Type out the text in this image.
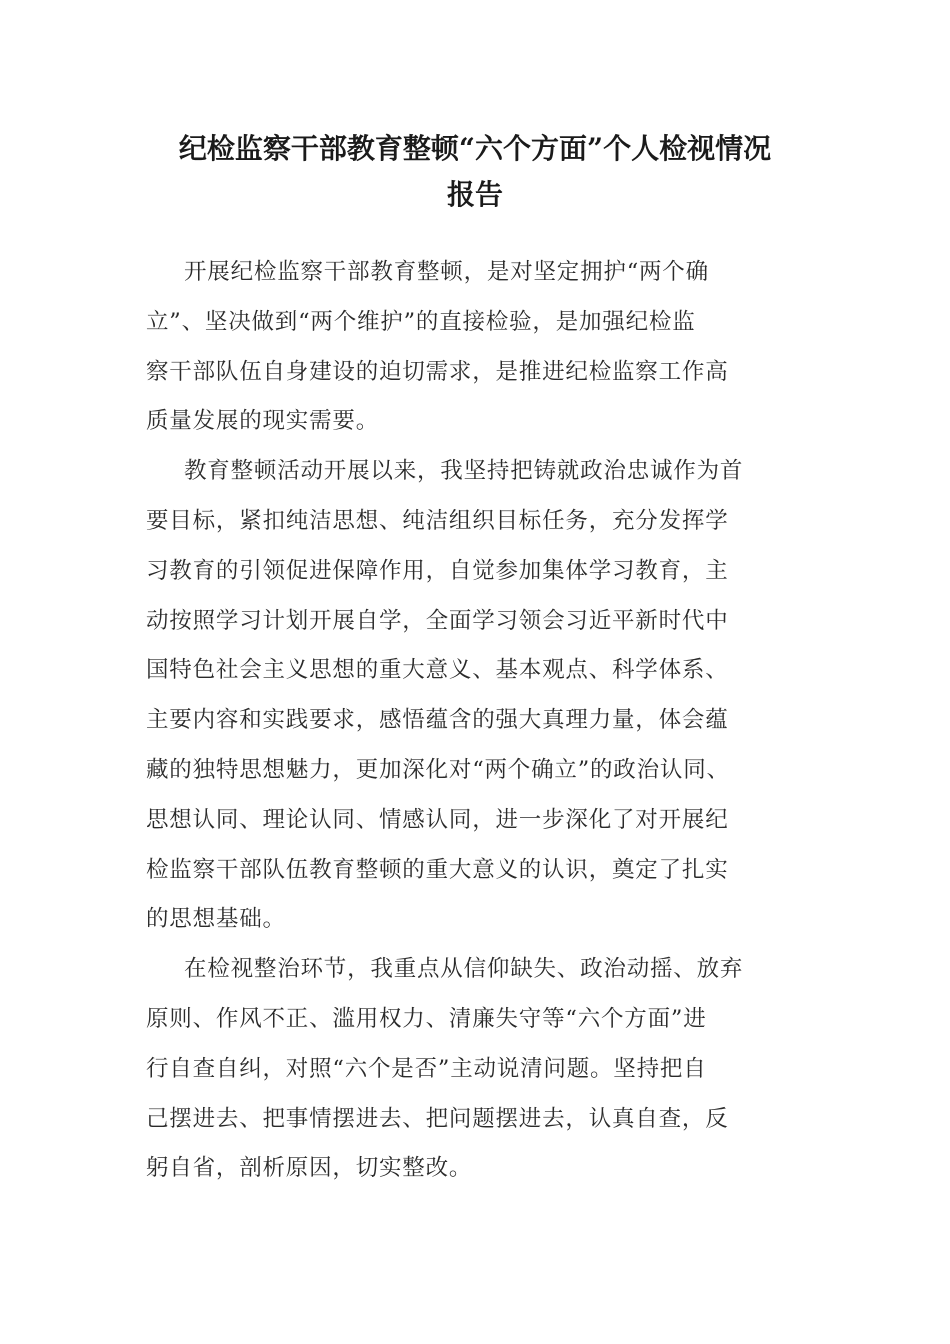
纪检监察干部教育整顿“六个方面”个人检视情况
报告
开展纪检监察干部教育整顿，是对坚定拥护“两个确
立”、坚决做到“两个维护”的直接检验，是加强纪检监
察干部队伍自身建设的迫切需求，是推进纪检监察工作高
质量发展的现实需要。
教育整顿活动开展以来，我坚持把铸就政治忠诚作为首
要目标，紧扣纯洁思想、纯洁组织目标任务，充分发挥学
习教育的引领促进保障作用，自觉参加集体学习教育，主
动按照学习计划开展自学，全面学习领会习近平新时代中
国特色社会主义思想的重大意义、基本观点、科学体系、
主要内容和实践要求，感悟蕴含的强大真理力量，体会蕴
藏的独特思想魅力，更加深化对“两个确立”的政治认同、
思想认同、理论认同、情感认同，进一步深化了对开展纪
检监察干部队伍教育整顿的重大意义的认识，奠定了扎实
的思想基础。
在检视整治环节，我重点从信仰缺失、政治动摇、放弃
原则、作风不正、滥用权力、清廉失守等“六个方面”进
行自查自纠，对照“六个是否”主动说清问题。坚持把自
己摆进去、把事情摆进去、把问题摆进去，认真自查，反
躬自省，剖析原因，切实整改。
